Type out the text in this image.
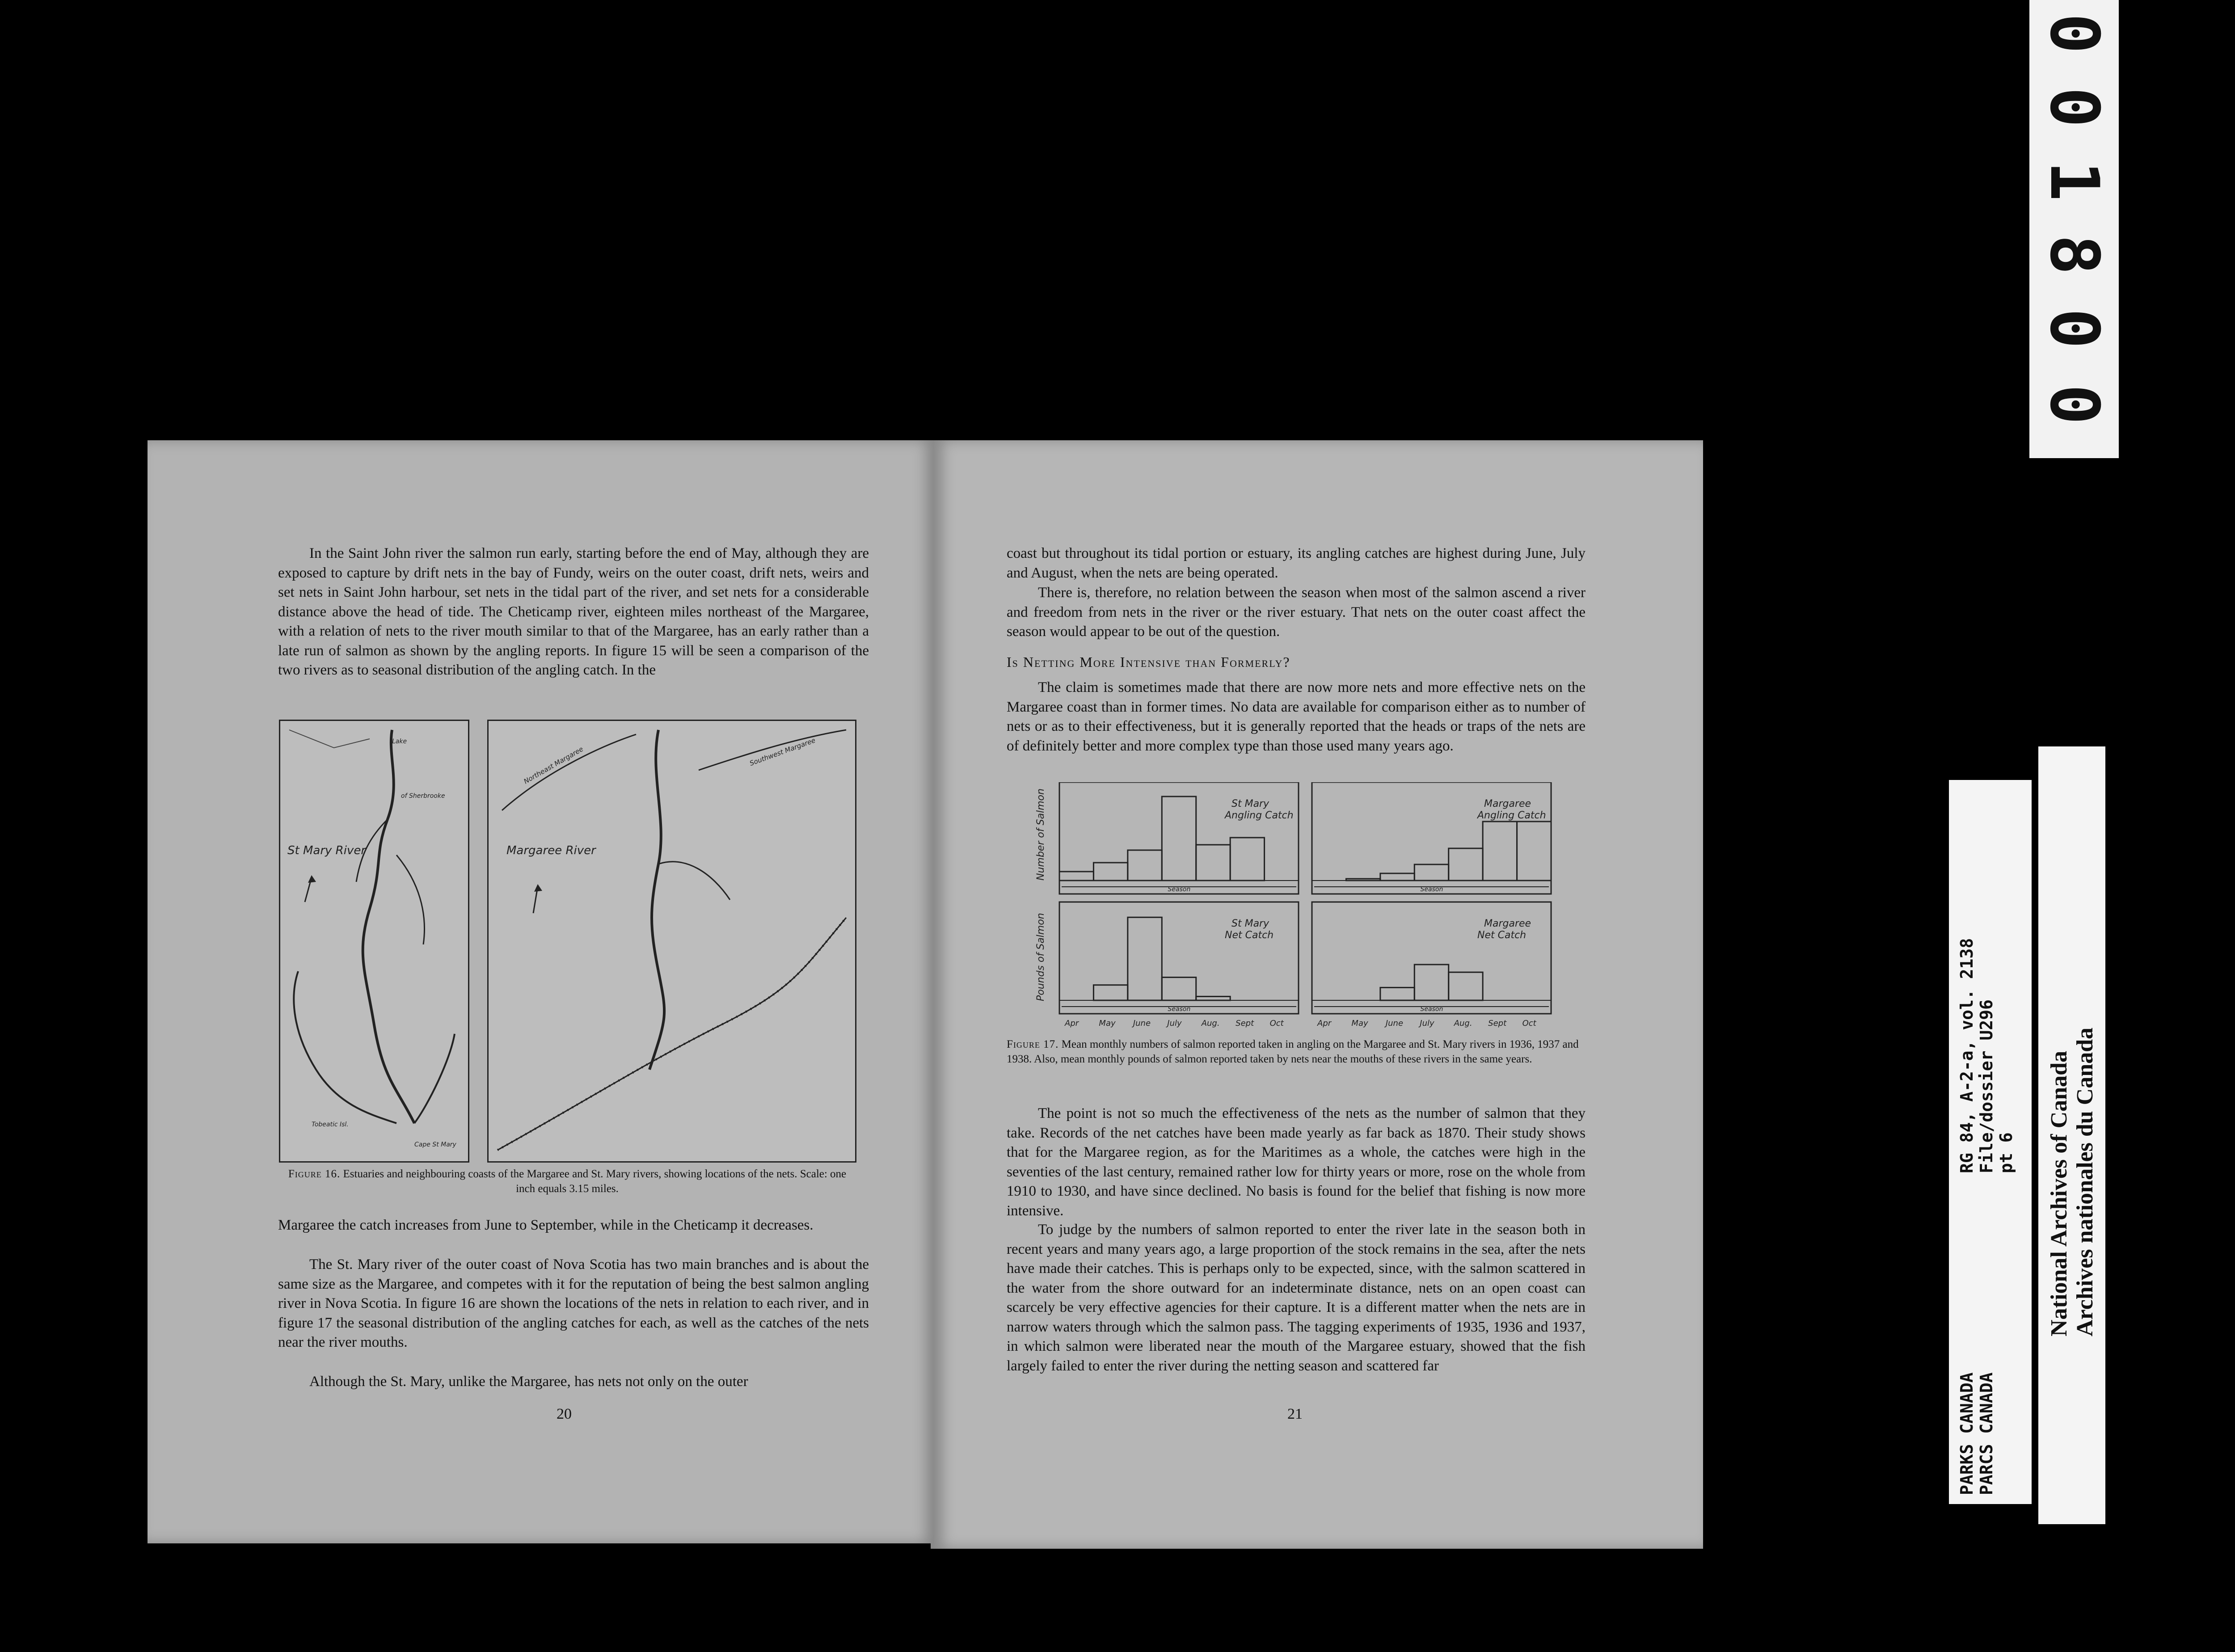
In the Saint John river the salmon run early, starting before the end of May, although they are exposed to capture by drift nets in the bay of Fundy, weirs on the outer coast, drift nets, weirs and set nets in Saint John harbour, set nets in the tidal part of the river, and set nets for a considerable distance above the head of tide. The Cheticamp river, eighteen miles northeast of the Margaree, with a relation of nets to the river mouth similar to that of the Margaree, has an early rather than a late run of salmon as shown by the angling reports. In figure 15 will be seen a comparison of the two rivers as to seasonal distribution of the angling catch. In the

St Mary River
Lake
of Sherbrooke
Tobeatic Isl.
Cape St Mary
Margaree River
Northeast Margaree	Southwest Margaree
Figure 16. Estuaries and neighbouring coasts of the Margaree and St. Mary rivers, showing locations of the nets. Scale: one inch equals 3.15 miles.

Margaree the catch increases from June to September, while in the Cheticamp it decreases.

The St. Mary river of the outer coast of Nova Scotia has two main branches and is about the same size as the Margaree, and competes with it for the reputation of being the best salmon angling river in Nova Scotia. In figure 16 are shown the locations of the nets in relation to each river, and in figure 17 the seasonal distribution of the angling catches for each, as well as the catches of the nets near the river mouths.

Although the St. Mary, unlike the Margaree, has nets not only on the outer

20

coast but throughout its tidal portion or estuary, its angling catches are highest during June, July and August, when the nets are being operated.

There is, therefore, no relation between the season when most of the salmon ascend a river and freedom from nets in the river or the river estuary. That nets on the outer coast affect the season would appear to be out of the question.

Is Netting More Intensive than Formerly?

The claim is sometimes made that there are now more nets and more effective nets on the Margaree coast than in former times. No data are available for comparison either as to number of nets or as to their effectiveness, but it is generally reported that the heads or traps of the nets are of definitely better and more complex type than those used many years ago.

St Mary Angling Catch
Season
Margaree Angling Catch
Season
St Mary Net Catch
Season
Margaree Net Catch
Season
Number of Salmon
Pounds of Salmon
Apr	May June July Aug. Sept Oct	Apr	May June July Aug. Sept Oct
Figure 17. Mean monthly numbers of salmon reported taken in angling on the Margaree and St. Mary rivers in 1936, 1937 and 1938. Also, mean monthly pounds of salmon reported taken by nets near the mouths of these rivers in the same years.

The point is not so much the effectiveness of the nets as the number of salmon that they take. Records of the net catches have been made yearly as far back as 1870. Their study shows that for the Margaree region, as for the Maritimes as a whole, the catches were high in the seventies of the last century, remained rather low for thirty years or more, rose on the whole from 1910 to 1930, and have since declined. No basis is found for the belief that fishing is now more intensive.

To judge by the numbers of salmon reported to enter the river late in the season both in recent years and many years ago, a large proportion of the stock remains in the sea, after the nets have made their catches. This is perhaps only to be expected, since, with the salmon scattered in the water from the shore outward for an indeterminate distance, nets on an open coast can scarcely be very effective agencies for their capture. It is a different matter when the nets are in narrow waters through which the salmon pass. The tagging experiments of 1935, 1936 and 1937, in which salmon were liberated near the mouth of the Margaree estuary, showed that the fish largely failed to enter the river during the netting season and scattered far

21
0
0
1
8
0
0
PARKS CANADA PARCS CANADA
RG 84, A-2-a, vol. 2138 File/dossier U296 pt 6 National Archives of Canada Archives nationales du Canada
